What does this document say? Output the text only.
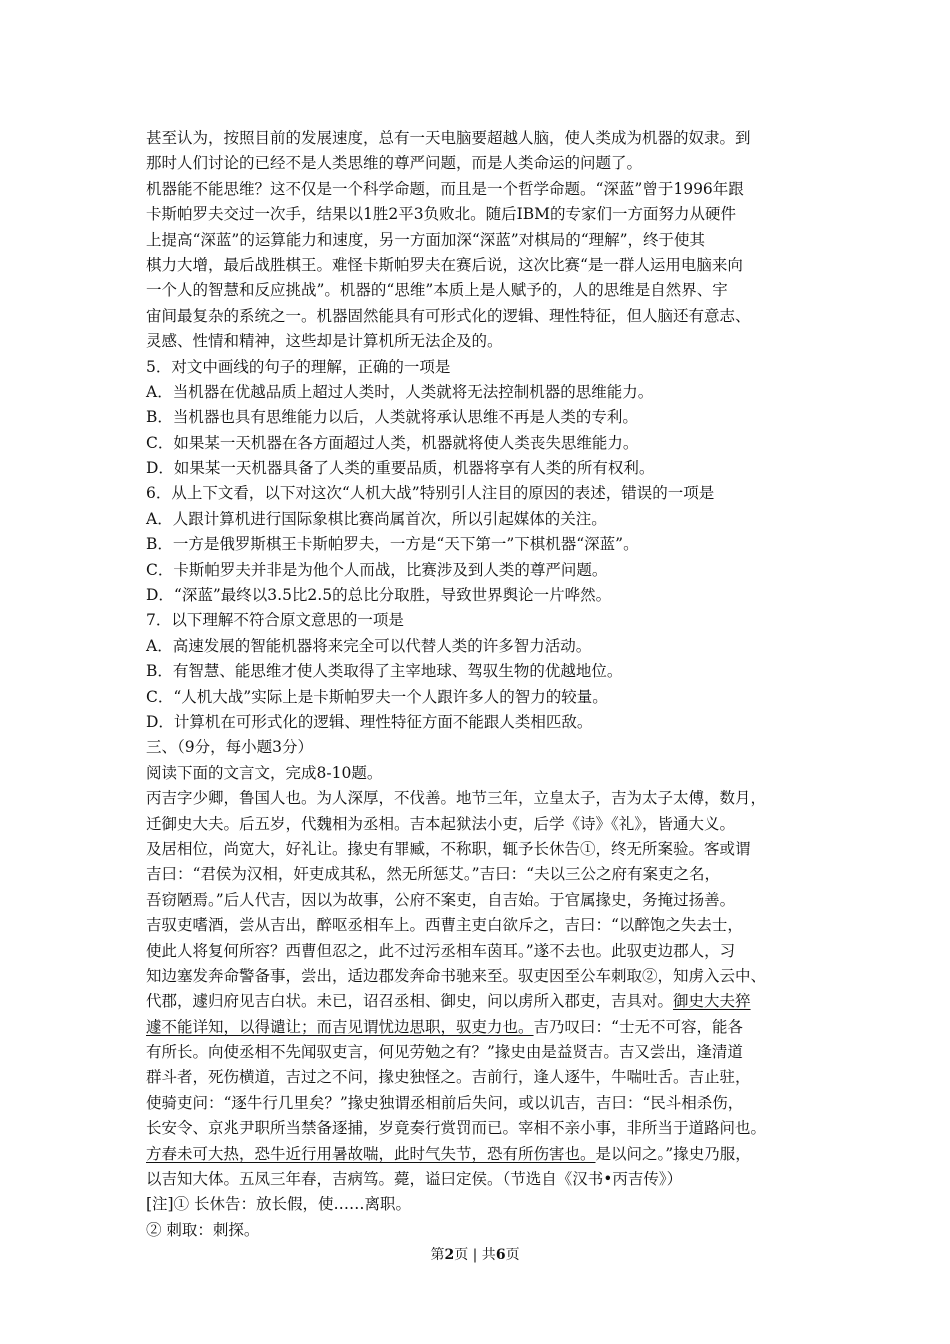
甚至认为，按照目前的发展速度，总有一天电脑要超越人脑，使人类成为机器的奴隶。到
那时人们讨论的已经不是人类思维的尊严问题，而是人类命运的问题了。
机器能不能思维？这不仅是一个科学命题，而且是一个哲学命题。“深蓝”曾于1996年跟
卡斯帕罗夫交过一次手，结果以1胜2平3负败北。随后IBM的专家们一方面努力从硬件
上提高“深蓝”的运算能力和速度，另一方面加深“深蓝”对棋局的“理解”，终于使其
棋力大增，最后战胜棋王。难怪卡斯帕罗夫在赛后说，这次比赛“是一群人运用电脑来向
一个人的智慧和反应挑战”。机器的“思维”本质上是人赋予的，人的思维是自然界、宇
宙间最复杂的系统之一。机器固然能具有可形式化的逻辑、理性特征，但人脑还有意志、
灵感、性情和精神，这些却是计算机所无法企及的。
5．对文中画线的句子的理解，正确的一项是
A．当机器在优越品质上超过人类时，人类就将无法控制机器的思维能力。
B．当机器也具有思维能力以后，人类就将承认思维不再是人类的专利。
C．如果某一天机器在各方面超过人类，机器就将使人类丧失思维能力。
D．如果某一天机器具备了人类的重要品质，机器将享有人类的所有权利。
6．从上下文看，以下对这次“人机大战”特别引人注目的原因的表述，错误的一项是
A．人跟计算机进行国际象棋比赛尚属首次，所以引起媒体的关注。
B．一方是俄罗斯棋王卡斯帕罗夫，一方是“天下第一”下棋机器“深蓝”。
C．卡斯帕罗夫并非是为他个人而战，比赛涉及到人类的尊严问题。
D．“深蓝”最终以3.5比2.5的总比分取胜，导致世界舆论一片哗然。
7．以下理解不符合原文意思的一项是
A．高速发展的智能机器将来完全可以代替人类的许多智力活动。
B．有智慧、能思维才使人类取得了主宰地球、驾驭生物的优越地位。
C．“人机大战”实际上是卡斯帕罗夫一个人跟许多人的智力的较量。
D．计算机在可形式化的逻辑、理性特征方面不能跟人类相匹敌。
三、（9分，每小题3分）
阅读下面的文言文，完成8-10题。
丙吉字少卿，鲁国人也。为人深厚，不伐善。地节三年，立皇太子，吉为太子太傅，数月，
迁御史大夫。后五岁，代魏相为丞相。吉本起狱法小吏，后学《诗》《礼》，皆通大义。
及居相位，尚宽大，好礼让。掾史有罪臧，不称职，辄予长休告①，终无所案验。客或谓
吉曰：“君侯为汉相，奸吏成其私，然无所惩艾。”吉曰：“夫以三公之府有案吏之名，
吾窃陋焉。”后人代吉，因以为故事，公府不案吏，自吉始。于官属掾史，务掩过扬善。
吉驭吏嗜酒，尝从吉出，醉呕丞相车上。西曹主吏白欲斥之，吉曰：“以醉饱之失去士，
使此人将复何所容？西曹但忍之，此不过污丞相车茵耳。”遂不去也。此驭吏边郡人，习
知边塞发奔命警备事，尝出，适边郡发奔命书驰来至。驭吏因至公车刺取②，知虏入云中、
代郡，遽归府见吉白状。未已，诏召丞相、御史，问以虏所入郡吏，吉具对。御史大夫猝
遽不能详知，以得谴让；而吉见谓忧边思职，驭吏力也。吉乃叹曰：“士无不可容，能各
有所长。向使丞相不先闻驭吏言，何见劳勉之有？”掾史由是益贤吉。吉又尝出，逢清道
群斗者，死伤横道，吉过之不问，掾史独怪之。吉前行，逢人逐牛，牛喘吐舌。吉止驻，
使骑吏问：“逐牛行几里矣？”掾史独谓丞相前后失问，或以讥吉，吉曰：“民斗相杀伤，
长安令、京兆尹职所当禁备逐捕，岁竟奏行赏罚而已。宰相不亲小事，非所当于道路问也。
方春未可大热，恐牛近行用暑故喘，此时气失节，恐有所伤害也。是以问之。”掾史乃服，
以吉知大体。五凤三年春，吉病笃。薨，谥曰定侯。（节选自《汉书•丙吉传》）
[注]① 长休告：放长假，使……离职。
② 刺取：刺探。
第2页 | 共6页
